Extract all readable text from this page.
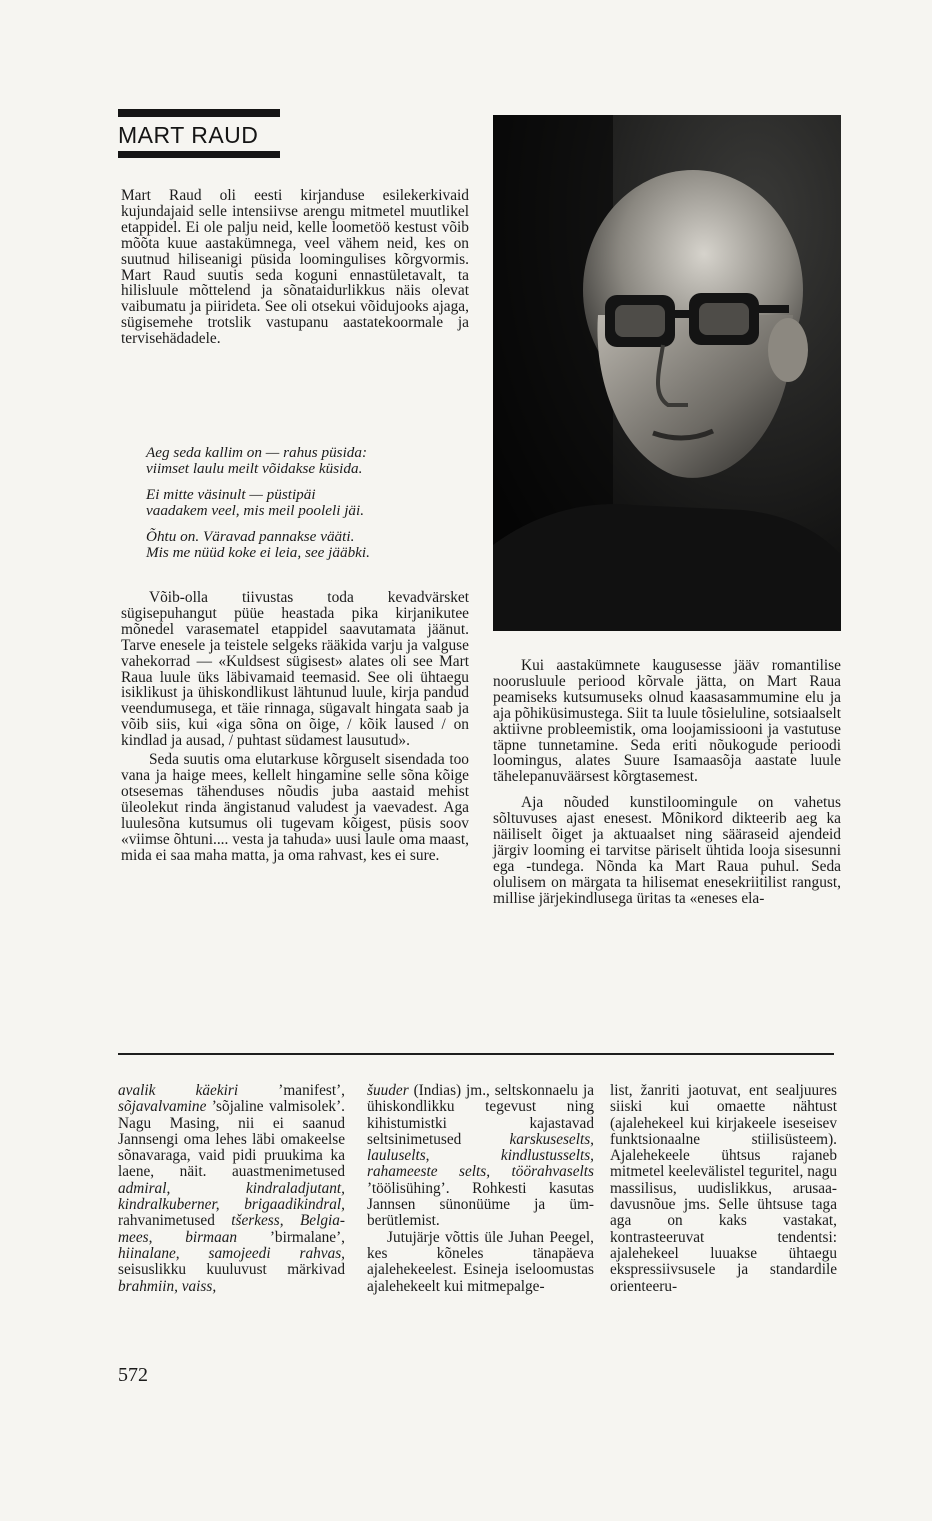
MART RAUD

Mart Raud oli eesti kirjanduse esilekerkivaid kujundajaid selle intensiivse arengu mitmetel muutlikel etappidel. Ei ole palju neid, kelle loometöö kestust võib mõõta kuue aastakümnega, veel vähem neid, kes on suutnud hiliseanigi püsida loomingulises kõrgvormis. Mart Raud suutis seda koguni ennastületavalt, ta hilisluule mõttelend ja sõnataidurlikkus näis olevat vaibumatu ja piirideta. See oli otsekui võidujooks ajaga, sügisemehe trotslik vastupanu aastatekoormale ja tervisehädadele.

Aeg seda kallim on — rahus püsida:
viimset laulu meilt võidakse küsida.
Ei mitte väsinult — püstipäi
vaadakem veel, mis meil pooleli jäi.
Õhtu on. Väravad pannakse vääti.
Mis me nüüd koke ei leia, see jääbki.

Võib-olla tiivustas toda kevadvärsket sügisepuhangut püüe heastada pika kirjanikutee mõnedel varasematel etappidel saavutamata jäänut. Tarve enesele ja teistele selgeks rääkida varju ja valguse vahekorrad — «Kuldsest sügisest» alates oli see Mart Raua luule üks läbivamaid teemasid. See oli ühtaegu isiklikust ja ühiskondlikust lähtunud luule, kirja pandud veendumusega, et täie rinnaga, sügavalt hingata saab ja võib siis, kui «iga sõna on õige, / kõik laused / on kindlad ja ausad, / puhtast südamest lausutud».

Seda suutis oma elutarkuse kõrguselt sisendada too vana ja haige mees, kellelt hingamine selle sõna kõige otsesemas tähenduses nõudis juba aastaid mehist üleolekut rinda ängistanud valudest ja vaevadest. Aga luulesõna kutsumus oli tugevam kõigest, püsis soov «viimse õhtuni.... vesta ja tahuda» uusi laule oma maast, mida ei saa maha matta, ja oma rahvast, kes ei sure.

Kui aastakümnete kaugusesse jääv romantilise noorusluule periood kõrvale jätta, on Mart Raua peamiseks kutsumuseks olnud kaasasammumine elu ja aja põhiküsimustega. Siit ta luule tõsieluline, sotsiaalselt aktiivne probleemistik, oma loojamissiooni ja vastutuse täpne tunnetamine. Seda eriti nõukogude perioodi loomingus, alates Suure Isamaasõja aastate luule tähelepanuväärsest kõrgtasemest.

Aja nõuded kunstiloomingule on vahetus sõltuvuses ajast enesest. Mõnikord dikteerib aeg ka näiliselt õiget ja aktuaalset ning sääraseid ajendeid järgiv looming ei tarvitse päriselt ühtida looja sisesunni ega -tundega. Nõnda ka Mart Raua puhul. Seda olulisem on märgata ta hilisemat enesekriitilist rangust, millise järjekindlusega üritas ta «eneses ela-

avalik käekiri ’manifest’, sõjavalvamine ’sõjaline valmisolek’. Nagu Masing, nii ei saanud Jannsengi oma lehes läbi omakeelse sõnavaraga, vaid pidi pruukima ka laene, näit. auastmenimetused admiral, kindraladjutant, kindralkuberner, brigaadikindral, rahvanimetused tšerkess, Belgiamees, birmaan ’birmalane’, hiinalane, samojeedi rahvas, seisuslikku kuuluvust märkivad brahmiin, vaiss,

šuuder (Indias) jm., seltskonnaelu ja ühiskondlikku tegevust ning kihistumistki kajastavad seltsinimetused karskuseselts, lauluselts, kindlustusselts, rahameeste selts, töörahvaselts ’töölisühing’. Rohkesti kasutas Jannsen sünonüüme ja ümberütlemist.

Jutujärje võttis üle Juhan Peegel, kes kõneles tänapäeva ajalehekeelest. Esineja iseloomustas ajalehekeelt kui mitmepalge-

list, žanriti jaotuvat, ent sealjuures siiski kui omaette nähtust (ajalehekeel kui kirjakeele iseseisev funktsionaalne stiilisüsteem). Ajalehekeele ühtsus rajaneb mitmetel keelevälistel teguritel, nagu massilisus, uudislikkus, arusaadavusnõue jms. Selle ühtsuse taga aga on kaks vastakat, kontrasteeruvat tendentsi: ajalehekeel luuakse ühtaegu ekspressiivsusele ja standardile orienteeru-

572
